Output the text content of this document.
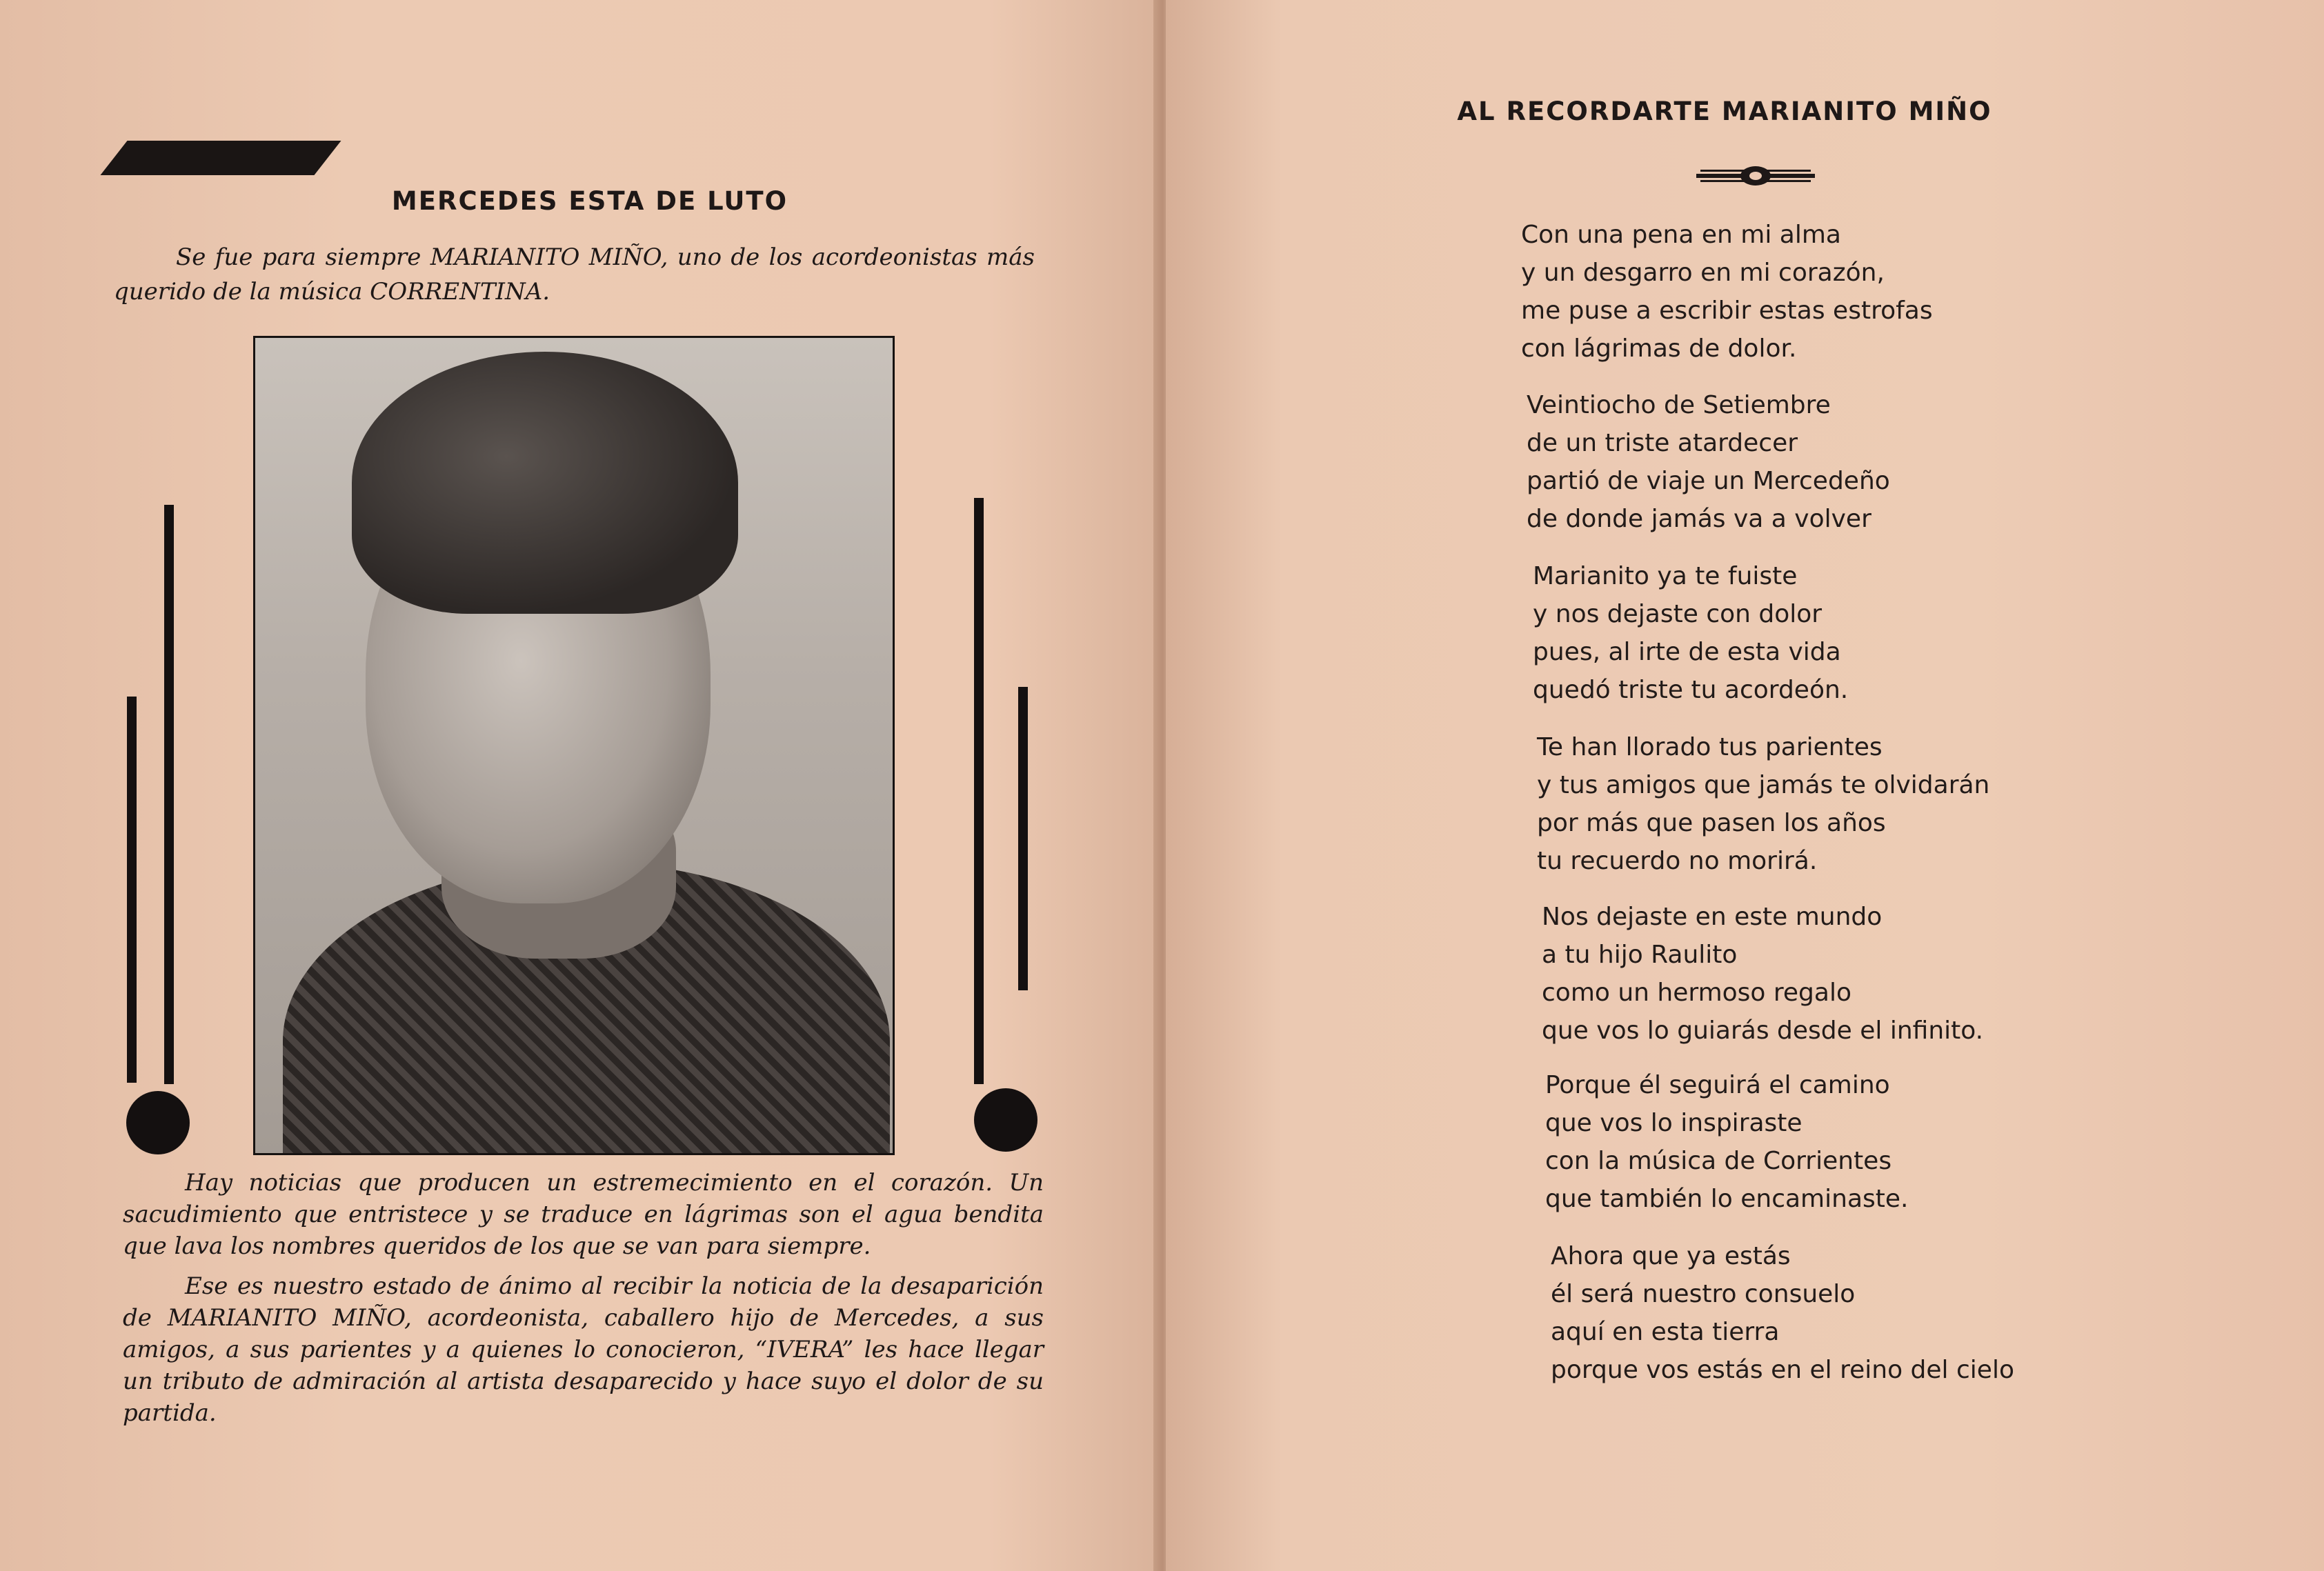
MERCEDES ESTA DE LUTO

Se fue para siempre MARIANITO MIÑO, uno de los acordeonistas más querido de la música CORRENTINA.

Hay noticias que producen un estremecimiento en el corazón. Un sacudimiento que entristece y se traduce en lágrimas son el agua bendita que lava los nombres queridos de los que se van para siempre.

Ese es nuestro estado de ánimo al recibir la noticia de la desaparición de MARIANITO MIÑO, acordeonista, caballero hijo de Mercedes, a sus amigos, a sus parientes y a quienes lo conocieron, “IVERA” les hace llegar un tributo de admiración al artista desaparecido y hace suyo el dolor de su partida.

AL RECORDARTE MARIANITO MIÑO
Con una pena en mi alma
y un desgarro en mi corazón,
me puse a escribir estas estrofas
con lágrimas de dolor.
Veintiocho de Setiembre
de un triste atardecer
partió de viaje un Mercedeño
de donde jamás va a volver
Marianito ya te fuiste
y nos dejaste con dolor
pues, al irte de esta vida
quedó triste tu acordeón.
Te han llorado tus parientes
y tus amigos que jamás te olvidarán
por más que pasen los años
tu recuerdo no morirá.
Nos dejaste en este mundo
a tu hijo Raulito
como un hermoso regalo
que vos lo guiarás desde el infinito.
Porque él seguirá el camino
que vos lo inspiraste
con la música de Corrientes
que también lo encaminaste.
Ahora que ya estás
él será nuestro consuelo
aquí en esta tierra
porque vos estás en el reino del cielo
